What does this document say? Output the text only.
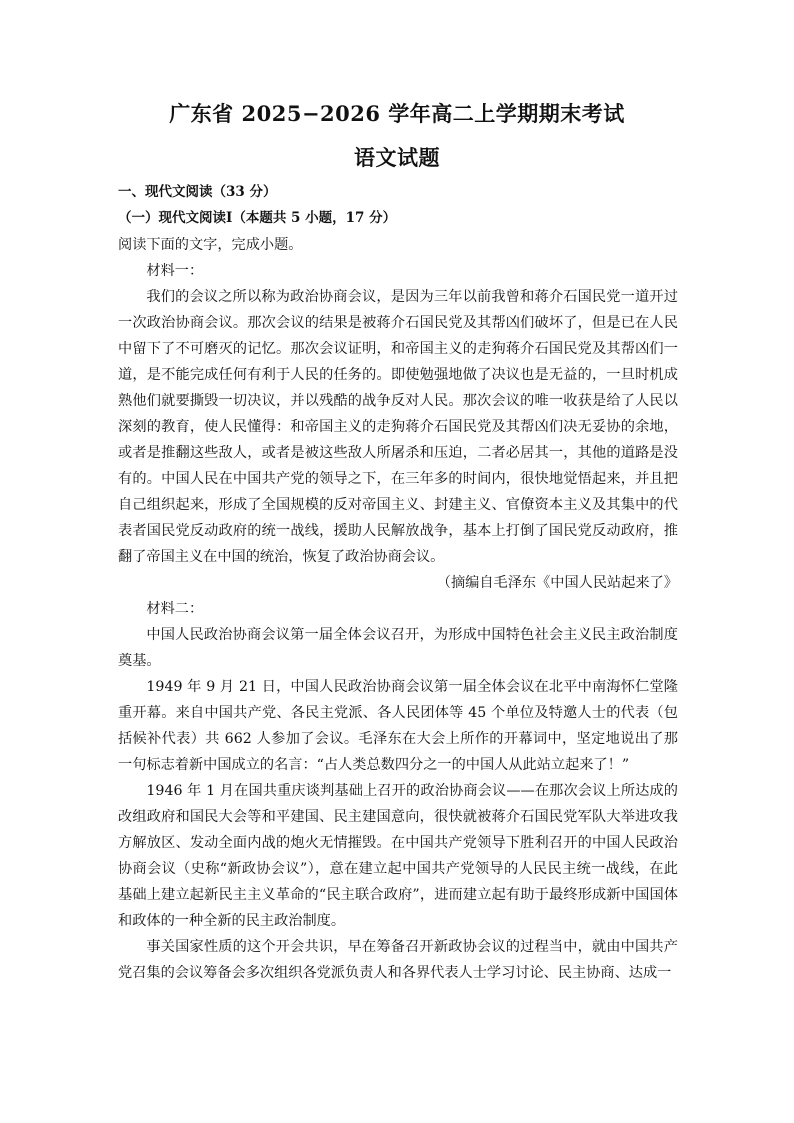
广东省 2025−2026 学年高二上学期期末考试
语文试题
一、现代文阅读（33 分）
（一）现代文阅读Ⅰ（本题共 5 小题，17 分）

阅读下面的文字，完成小题。

材料一：

我们的会议之所以称为政治协商会议，是因为三年以前我曾和蒋介石国民党一道开过一次政治协商会议。那次会议的结果是被蒋介石国民党及其帮凶们破坏了，但是已在人民中留下了不可磨灭的记忆。那次会议证明，和帝国主义的走狗蒋介石国民党及其帮凶们一道，是不能完成任何有利于人民的任务的。即使勉强地做了决议也是无益的，一旦时机成熟他们就要撕毁一切决议，并以残酷的战争反对人民。那次会议的唯一收获是给了人民以深刻的教育，使人民懂得：和帝国主义的走狗蒋介石国民党及其帮凶们决无妥协的余地，或者是推翻这些敌人，或者是被这些敌人所屠杀和压迫，二者必居其一，其他的道路是没有的。中国人民在中国共产党的领导之下，在三年多的时间内，很快地觉悟起来，并且把自己组织起来，形成了全国规模的反对帝国主义、封建主义、官僚资本主义及其集中的代表者国民党反动政府的统一战线，援助人民解放战争，基本上打倒了国民党反动政府，推翻了帝国主义在中国的统治，恢复了政治协商会议。

（摘编自毛泽东《中国人民站起来了》

材料二：

中国人民政治协商会议第一届全体会议召开，为形成中国特色社会主义民主政治制度奠基。

1949 年 9 月 21 日，中国人民政治协商会议第一届全体会议在北平中南海怀仁堂隆重开幕。来自中国共产党、各民主党派、各人民团体等 45 个单位及特邀人士的代表（包括候补代表）共 662 人参加了会议。毛泽东在大会上所作的开幕词中，坚定地说出了那一句标志着新中国成立的名言：“占人类总数四分之一的中国人从此站立起来了！”

1946 年 1 月在国共重庆谈判基础上召开的政治协商会议——在那次会议上所达成的改组政府和国民大会等和平建国、民主建国意向，很快就被蒋介石国民党军队大举进攻我方解放区、发动全面内战的炮火无情摧毁。在中国共产党领导下胜利召开的中国人民政治协商会议（史称“新政协会议”），意在建立起中国共产党领导的人民民主统一战线，在此基础上建立起新民主主义革命的“民主联合政府”，进而建立起有助于最终形成新中国国体和政体的一种全新的民主政治制度。

事关国家性质的这个开会共识，早在筹备召开新政协会议的过程当中，就由中国共产党召集的会议筹备会多次组织各党派负责人和各界代表人士学习讨论、民主协商、达成一
